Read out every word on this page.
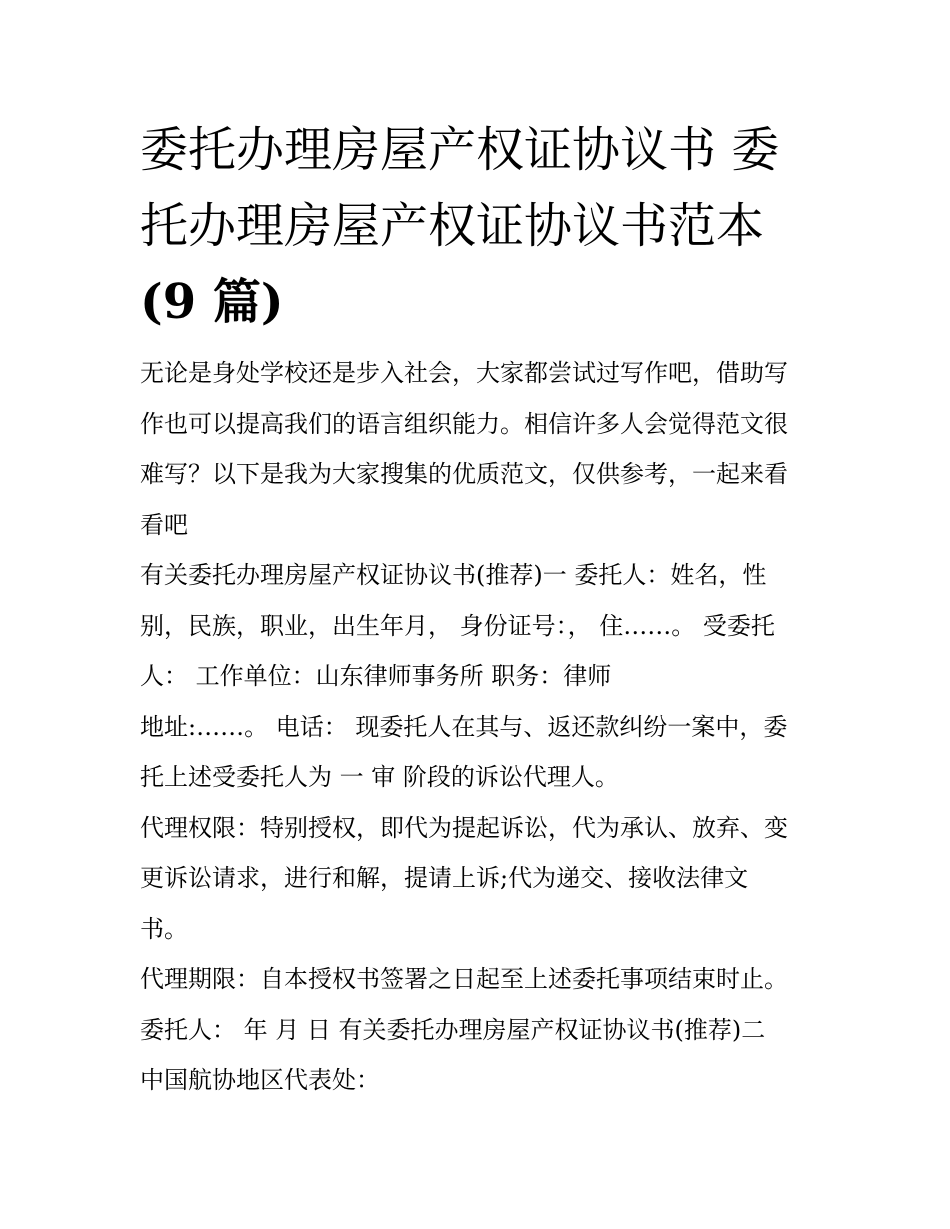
委托办理房屋产权证协议书 委
托办理房屋产权证协议书范本
(9 篇)
无论是身处学校还是步入社会，大家都尝试过写作吧，借助写
作也可以提高我们的语言组织能力。相信许多人会觉得范文很
难写？以下是我为大家搜集的优质范文，仅供参考，一起来看
看吧
有关委托办理房屋产权证协议书(推荐)一 委托人：姓名，性
别，民族，职业，出生年月， 身份证号：， 住……。 受委托
人： 工作单位：山东律师事务所 职务：律师
地址:……。 电话： 现委托人在其与、返还款纠纷一案中，委
托上述受委托人为 一 审 阶段的诉讼代理人。
代理权限：特别授权，即代为提起诉讼，代为承认、放弃、变
更诉讼请求，进行和解，提请上诉;代为递交、接收法律文
书。
代理期限：自本授权书签署之日起至上述委托事项结束时止。
委托人： 年 月 日 有关委托办理房屋产权证协议书(推荐)二
中国航协地区代表处：
